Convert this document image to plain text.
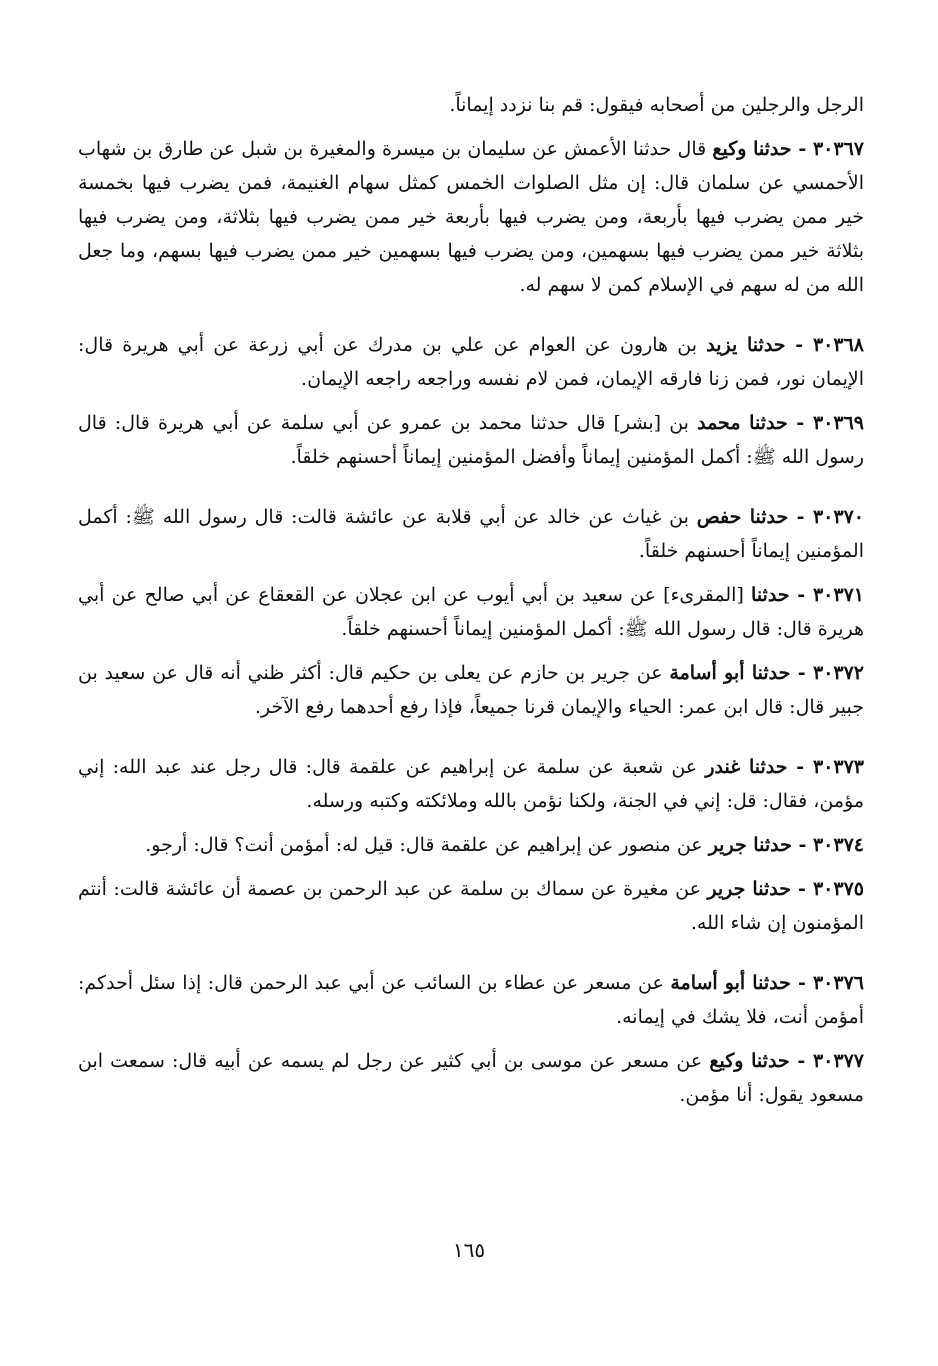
الرجل والرجلين من أصحابه فيقول: قم بنا نزدد إيماناً.

٣٠٣٦٧ - حدثنا وكيع قال حدثنا الأعمش عن سليمان بن ميسرة والمغيرة بن شبل عن طارق بن شهاب الأحمسي عن سلمان قال: إن مثل الصلوات الخمس كمثل سهام الغنيمة، فمن يضرب فيها بخمسة خير ممن يضرب فيها بأربعة، ومن يضرب فيها بأربعة خير ممن يضرب فيها بثلاثة، ومن يضرب فيها بثلاثة خير ممن يضرب فيها بسهمين، ومن يضرب فيها بسهمين خير ممن يضرب فيها بسهم، وما جعل الله من له سهم في الإسلام كمن لا سهم له.

٣٠٣٦٨ - حدثنا يزيد بن هارون عن العوام عن علي بن مدرك عن أبي زرعة عن أبي هريرة قال: الإيمان نور، فمن زنا فارقه الإيمان، فمن لام نفسه وراجعه راجعه الإيمان.

٣٠٣٦٩ - حدثنا محمد بن [بشر] قال حدثنا محمد بن عمرو عن أبي سلمة عن أبي هريرة قال: قال رسول الله ﷺ: أكمل المؤمنين إيماناً وأفضل المؤمنين إيماناً أحسنهم خلقاً.

٣٠٣٧٠ - حدثنا حفص بن غياث عن خالد عن أبي قلابة عن عائشة قالت: قال رسول الله ﷺ: أكمل المؤمنين إيماناً أحسنهم خلقاً.

٣٠٣٧١ - حدثنا [المقرىء] عن سعيد بن أبي أيوب عن ابن عجلان عن القعقاع عن أبي صالح عن أبي هريرة قال: قال رسول الله ﷺ: أكمل المؤمنين إيماناً أحسنهم خلقاً.

٣٠٣٧٢ - حدثنا أبو أسامة عن جرير بن حازم عن يعلى بن حكيم قال: أكثر ظني أنه قال عن سعيد بن جبير قال: قال ابن عمر: الحياء والإيمان قرنا جميعاً، فإذا رفع أحدهما رفع الآخر.

٣٠٣٧٣ - حدثنا غندر عن شعبة عن سلمة عن إبراهيم عن علقمة قال: قال رجل عند عبد الله: إني مؤمن، فقال: قل: إني في الجنة، ولكنا نؤمن بالله وملائكته وكتبه ورسله.

٣٠٣٧٤ - حدثنا جرير عن منصور عن إبراهيم عن علقمة قال: قيل له: أمؤمن أنت؟ قال: أرجو.

٣٠٣٧٥ - حدثنا جرير عن مغيرة عن سماك بن سلمة عن عبد الرحمن بن عصمة أن عائشة قالت: أنتم المؤمنون إن شاء الله.

٣٠٣٧٦ - حدثنا أبو أسامة عن مسعر عن عطاء بن السائب عن أبي عبد الرحمن قال: إذا سئل أحدكم: أمؤمن أنت، فلا يشك في إيمانه.

٣٠٣٧٧ - حدثنا وكيع عن مسعر عن موسى بن أبي كثير عن رجل لم يسمه عن أبيه قال: سمعت ابن مسعود يقول: أنا مؤمن.

١٦٥
